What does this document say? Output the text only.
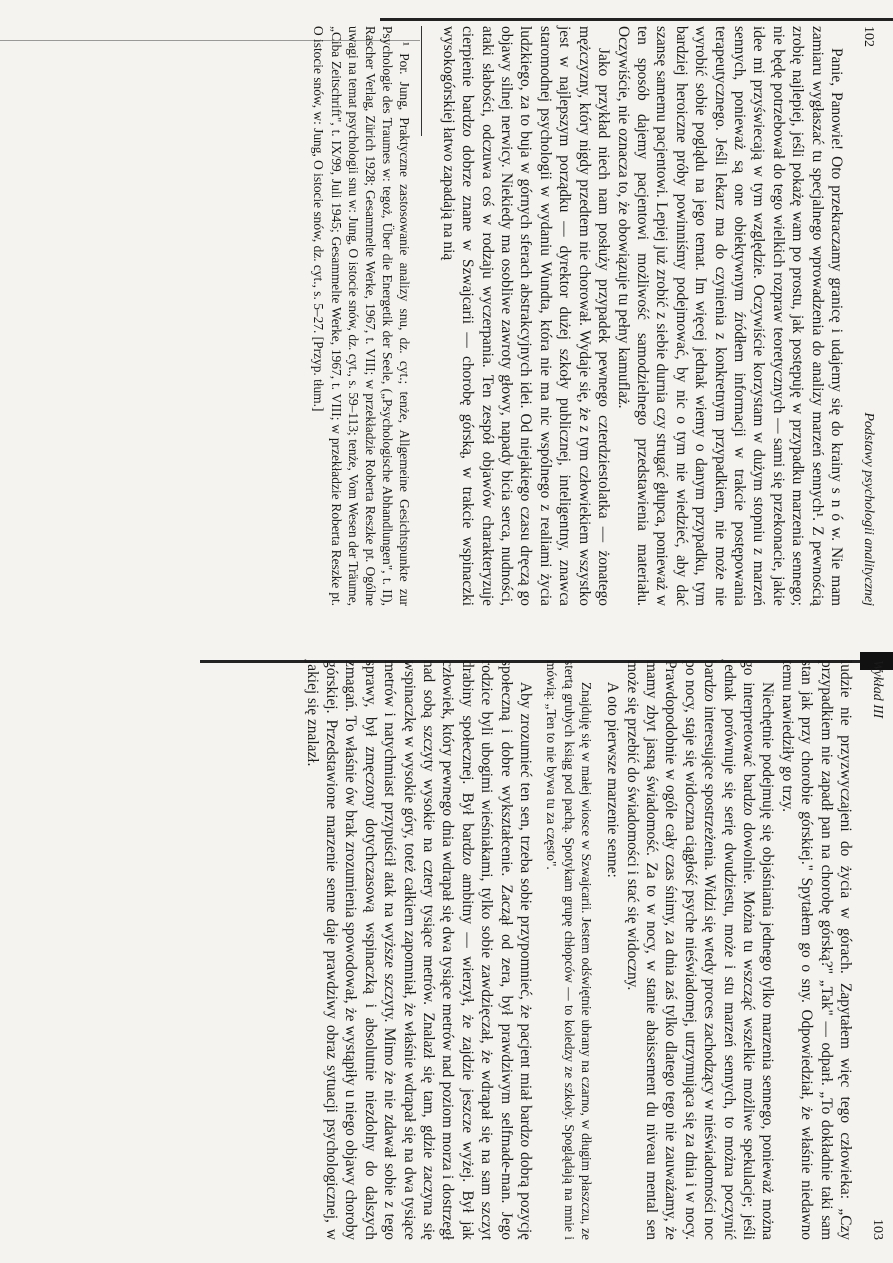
102
Podstawy psychologii analitycznej

Panie, Panowie! Oto przekraczamy granicę i udajemy się do krainy s n ó w. Nie mam zamiaru wygłaszać tu specjalnego wprowadzenia do analizy marzeń sennych¹. Z pewnością zrobię najlepiej, jeśli pokażę wam po prostu, jak postępuję w przypadku marzenia sennego; nie będę potrzebował do tego wielkich rozpraw teoretycznych — sami się przekonacie, jakie idee mi przyświecają w tym względzie. Oczywiście korzystam w dużym stopniu z marzeń sennych, ponieważ są one obiektywnym źródłem informacji w trakcie postępowania terapeutycznego. Jeśli lekarz ma do czynienia z konkretnym przypadkiem, nie może nie wyrobić sobie poglądu na jego temat. Im więcej jednak wiemy o danym przypadku, tym bardziej heroiczne próby powinniśmy podejmować, by nic o tym nie wiedzieć, aby dać szansę samemu pacjentowi. Lepiej już zrobić z siebie durnia czy strugać głupca, ponieważ w ten sposób dajemy pacjentowi możliwość samodzielnego przedstawienia materiału. Oczywiście, nie oznacza to, że obowiązuje tu pełny kamuflaż.

Jako przykład niech nam posłuży przypadek pewnego czterdziestolatka — żonatego mężczyzny, który nigdy przedtem nie chorował. Wydaje się, że z tym człowiekiem wszystko jest w najlepszym porządku — dyrektor dużej szkoły publicznej, inteligentny, znawca staromodnej psychologii w wydaniu Wundta, która nie ma nic wspólnego z realiami życia ludzkiego, za to buja w górnych sferach abstrakcyjnych idei. Od niejakiego czasu dręczą go objawy silnej nerwicy. Niekiedy ma osobliwe zawroty głowy, napady bicia serca, nudności, ataki słabości, odczuwa coś w rodzaju wyczerpania. Ten zespół objawów charakteryzuje cierpienie bardzo dobrze znane w Szwajcarii — chorobę górską, w trakcie wspinaczki wysokogórskiej łatwo zapadają na nią

¹ Por. Jung, Praktyczne zastosowanie analizy snu, dz. cyt.; tenże, Allgemeine Gesichtspunkte zur Psychologie des Traumes w: tegoż, Über die Energetik der Seele, („Psychologische Abhandlungen", t. II), Rascher Verlag, Zürich 1928; Gesammelte Werke, 1967, t. VIII; w przekładzie Roberta Reszke pt. Ogólne uwagi na temat psychologii snu w: Jung, O istocie snów, dz. cyt., s. 59–113; tenże, Vom Wesen der Träume, „Ciba Zeitschrift", t. IX/99, Juli 1945; Gesammelte Werke, 1967, t. VIII; w przekładzie Roberta Reszke pt. O istocie snów, w: Jung, O istocie snów, dz. cyt., s. 5–27. [Przyp. tłum.]

Wykład III
103

ludzie nie przyzwyczajeni do życia w górach. Zapytałem więc tego człowieka: „Czy przypadkiem nie zapadł pan na chorobę górską?" „Tak" — odparł. „To dokładnie taki sam stan jak przy chorobie górskiej." Spytałem go o sny. Odpowiedział, że właśnie niedawno temu nawiedziły go trzy.

Niechętnie podejmuję się objaśniania jednego tylko marzenia sennego, ponieważ można go interpretować bardzo dowolnie. Można tu wszcząć wszelkie możliwe spekulacje; jeśli jednak porównuje się serię dwudziestu, może i stu marzeń sennych, to można poczynić bardzo interesujące spostrzeżenia. Widzi się wtedy proces zachodzący w nieświadomości noc po nocy, staje się widoczna ciągłość psyche nieświadomej, utrzymująca się za dnia i w nocy. Prawdopodobnie w ogóle cały czas śnimy, za dnia zaś tylko dlatego tego nie zauważamy, że mamy zbyt jasną świadomość. Za to w nocy, w stanie abaissement du niveau mental sen może się przebić do świadomości i stać się widoczny.

A oto pierwsze marzenie senne:

Znajduję się w małej wiosce w Szwajcarii. Jestem odświętnie ubrany na czarno, w długim płaszczu, ze stertą grubych ksiąg pod pachą. Spotykam grupę chłopców — to koledzy ze szkoły. Spoglądają na mnie i mówią: „Ten to nie bywa tu za często".

Aby zrozumieć ten sen, trzeba sobie przypomnieć, że pacjent miał bardzo dobrą pozycję społeczną i dobre wykształcenie. Zaczął od zera, był prawdziwym selfmade-man. Jego rodzice byli ubogimi wieśniakami, tylko sobie zawdzięczał, że wdrapał się na sam szczyt drabiny społecznej. Był bardzo ambitny — wierzył, że zajdzie jeszcze wyżej. Był jak człowiek, który pewnego dnia wdrapał się dwa tysiące metrów nad poziom morza i dostrzegł nad sobą szczyty wysokie na cztery tysiące metrów. Znalazł się tam, gdzie zaczyna się wspinaczkę w wysokie góry, toteż całkiem zapomniał, że właśnie wdrapał się na dwa tysiące metrów i natychmiast przypuścił atak na wyższe szczyty. Mimo że nie zdawał sobie z tego sprawy, był zmęczony dotychczasową wspinaczką i absolutnie niezdolny do dalszych zmagań. To właśnie ów brak zrozumienia spowodował, że wystąpiły u niego objawy choroby górskiej. Przedstawione marzenie senne daje prawdziwy obraz sytuacji psychologicznej, w jakiej się znalazł.
